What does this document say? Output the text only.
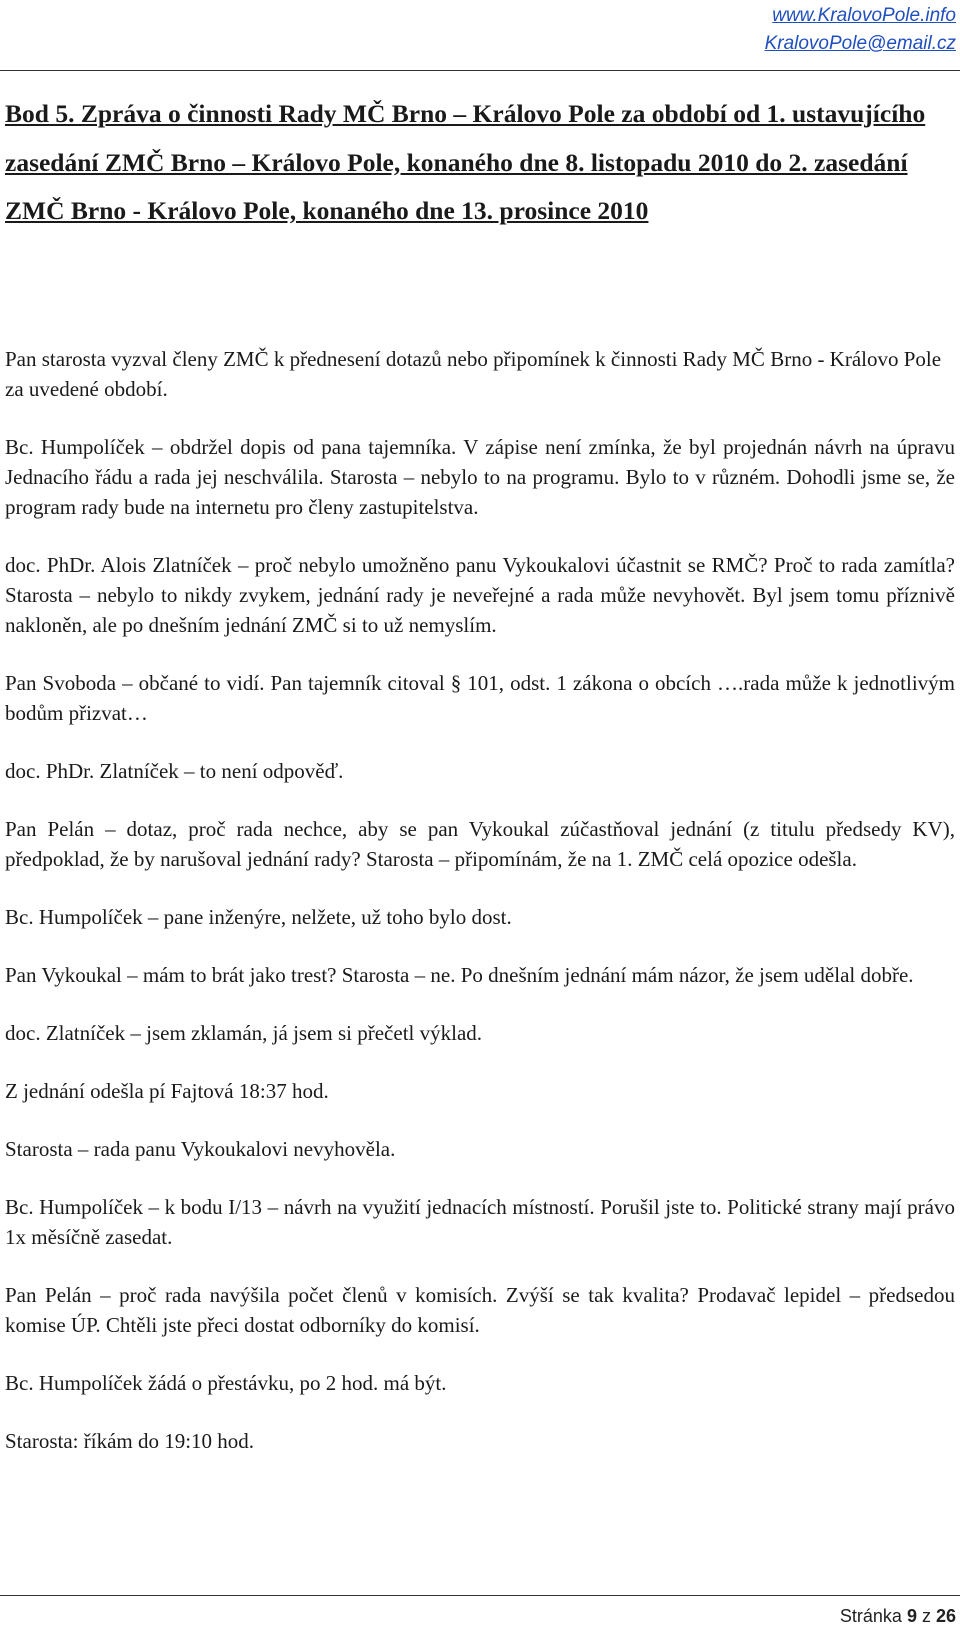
www.KralovoPole.info
KralovoPole@email.cz
Bod 5. Zpráva o činnosti Rady MČ Brno – Královo Pole za období od 1. ustavujícího zasedání ZMČ Brno – Královo Pole, konaného dne 8. listopadu 2010 do 2. zasedání ZMČ Brno - Královo Pole, konaného dne 13. prosince 2010

Pan starosta vyzval členy ZMČ k přednesení dotazů nebo připomínek k činnosti Rady MČ Brno - Královo Pole za uvedené období.

Bc. Humpolíček – obdržel dopis od pana tajemníka. V zápise není zmínka, že byl projednán návrh na úpravu Jednacího řádu a rada jej neschválila. Starosta – nebylo to na programu. Bylo to v různém. Dohodli jsme se, že program rady bude na internetu pro členy zastupitelstva.

doc. PhDr. Alois Zlatníček – proč nebylo umožněno panu Vykoukalovi účastnit se RMČ? Proč to rada zamítla? Starosta – nebylo to nikdy zvykem, jednání rady je neveřejné a rada může nevyhovět. Byl jsem tomu příznivě nakloněn, ale po dnešním jednání ZMČ si to už nemyslím.

Pan Svoboda – občané to vidí. Pan tajemník citoval § 101, odst. 1 zákona o obcích ….rada může k jednotlivým bodům přizvat…

doc. PhDr. Zlatníček – to není odpověď.

Pan Pelán – dotaz, proč rada nechce, aby se pan Vykoukal zúčastňoval jednání (z titulu předsedy KV), předpoklad, že by narušoval jednání rady? Starosta – připomínám, že na 1. ZMČ celá opozice odešla.

Bc. Humpolíček – pane inženýre, nelžete, už toho bylo dost.

Pan Vykoukal – mám to brát jako trest? Starosta – ne. Po dnešním jednání mám názor, že jsem udělal dobře.

doc. Zlatníček – jsem zklamán, já jsem si přečetl výklad.

Z jednání odešla pí Fajtová 18:37 hod.

Starosta – rada panu Vykoukalovi nevyhověla.

Bc. Humpolíček – k bodu I/13 – návrh na využití jednacích místností. Porušil jste to. Politické strany mají právo 1x měsíčně zasedat.

Pan Pelán – proč rada navýšila počet členů v komisích. Zvýší se tak kvalita? Prodavač lepidel – předsedou komise ÚP. Chtěli jste přeci dostat odborníky do komisí.

Bc. Humpolíček žádá o přestávku, po 2 hod. má být.

Starosta: říkám do 19:10 hod.

Stránka 9 z 26
